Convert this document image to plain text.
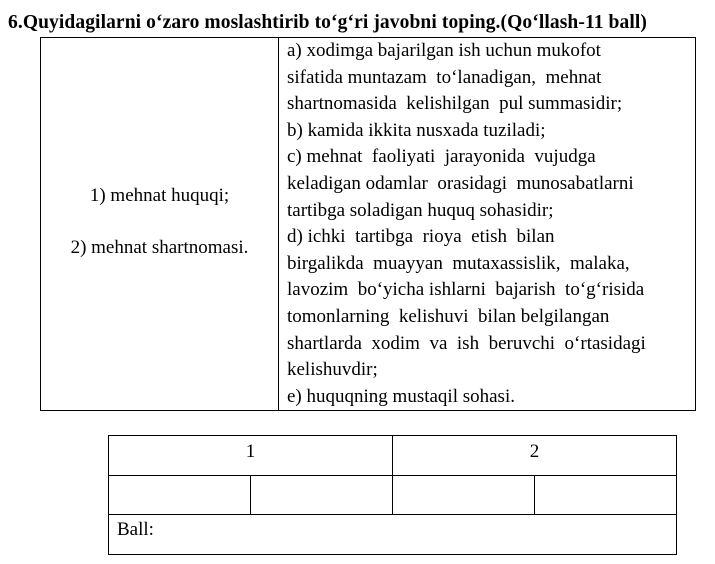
6.Quyidagilarni o‘zaro moslashtirib to‘g‘ri javobni toping.(Qo‘llash-11 ball)
1) mehnat huquqi;
2) mehnat shartnomasi.

a) xodimga bajarilgan ish uchun mukofot
sifatida muntazam  to‘lanadigan,  mehnat
shartnomasida  kelishilgan  pul summasidir;
b) kamida ikkita nusxada tuziladi;
c) mehnat  faoliyati  jarayonida  vujudga
keladigan odamlar  orasidagi  munosabatlarni
tartibga soladigan huquq sohasidir;
d) ichki  tartibga  rioya  etish  bilan
birgalikda  muayyan  mutaxassislik,  malaka,
lavozim  bo‘yicha ishlarni  bajarish  to‘g‘risida
tomonlarning  kelishuvi  bilan belgilangan
shartlarda  xodim  va  ish  beruvchi  o‘rtasidagi
kelishuvdir;
e) huquqning mustaqil sohasi.
1		2	

Ball:			
